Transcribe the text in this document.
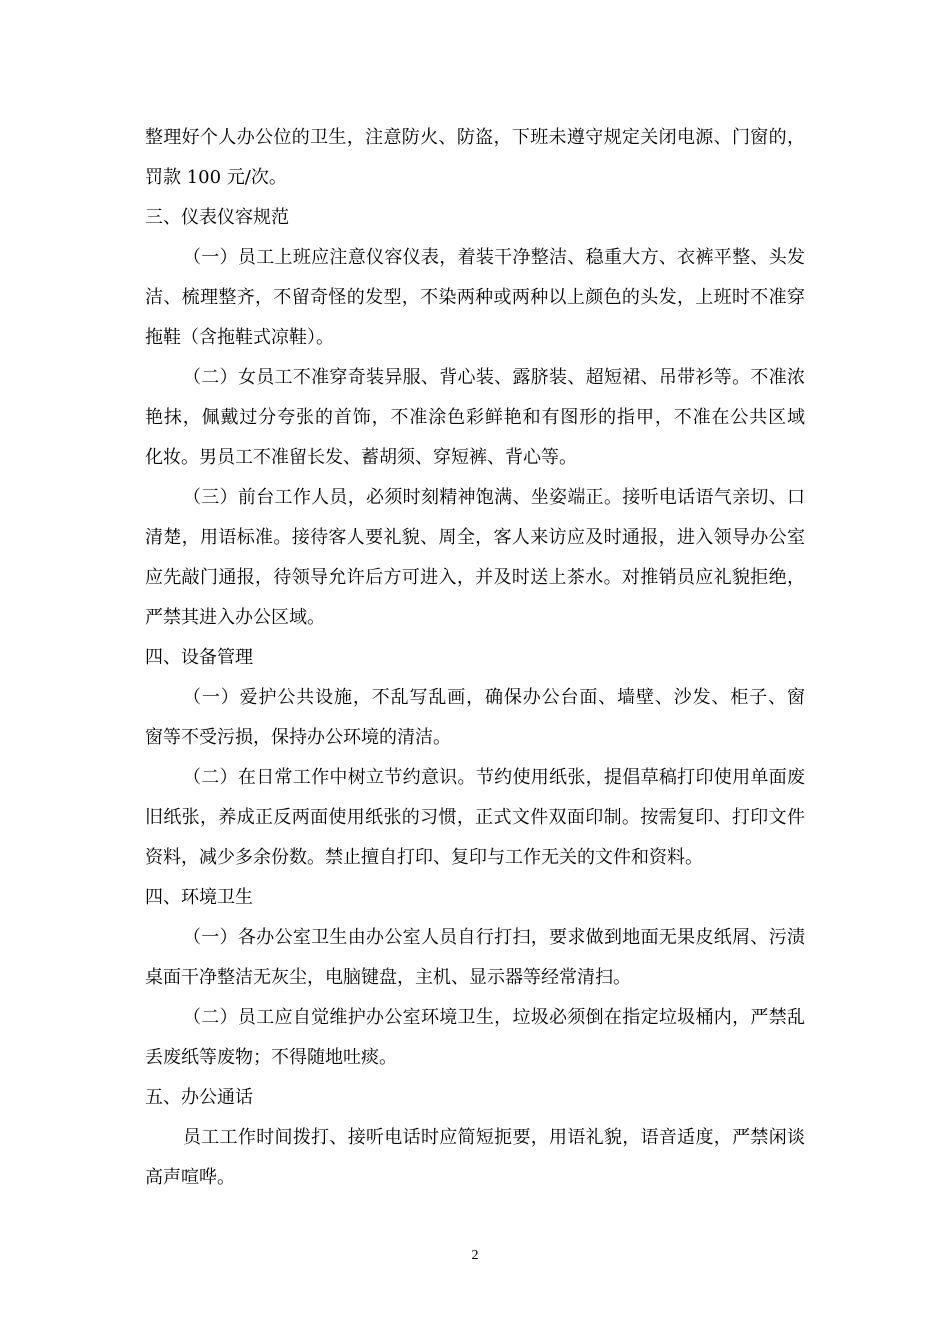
整理好个人办公位的卫生，注意防火、防盗，下班未遵守规定关闭电源、门窗的，
罚款 100 元/次。
三、仪表仪容规范
（一）员工上班应注意仪容仪表，着装干净整洁、稳重大方、衣裤平整、头发
洁、梳理整齐，不留奇怪的发型，不染两种或两种以上颜色的头发，上班时不准穿
拖鞋（含拖鞋式凉鞋）。
（二）女员工不准穿奇装异服、背心装、露脐装、超短裙、吊带衫等。不准浓
艳抹，佩戴过分夸张的首饰，不准涂色彩鲜艳和有图形的指甲，不准在公共区域
化妆。男员工不准留长发、蓄胡须、穿短裤、背心等。
（三）前台工作人员，必须时刻精神饱满、坐姿端正。接听电话语气亲切、口
清楚，用语标准。接待客人要礼貌、周全，客人来访应及时通报，进入领导办公室
应先敲门通报，待领导允许后方可进入，并及时送上茶水。对推销员应礼貌拒绝，
严禁其进入办公区域。
四、设备管理
（一）爱护公共设施，不乱写乱画，确保办公台面、墙壁、沙发、柜子、窗
窗等不受污损，保持办公环境的清洁。
（二）在日常工作中树立节约意识。节约使用纸张，提倡草稿打印使用单面废
旧纸张，养成正反两面使用纸张的习惯，正式文件双面印制。按需复印、打印文件
资料，减少多余份数。禁止擅自打印、复印与工作无关的文件和资料。
四、环境卫生
（一）各办公室卫生由办公室人员自行打扫，要求做到地面无果皮纸屑、污渍
桌面干净整洁无灰尘，电脑键盘，主机、显示器等经常清扫。
（二）员工应自觉维护办公室环境卫生，垃圾必须倒在指定垃圾桶内，严禁乱
丢废纸等废物；不得随地吐痰。
五、办公通话
员工工作时间拨打、接听电话时应简短扼要，用语礼貌，语音适度，严禁闲谈
高声喧哗。
2
